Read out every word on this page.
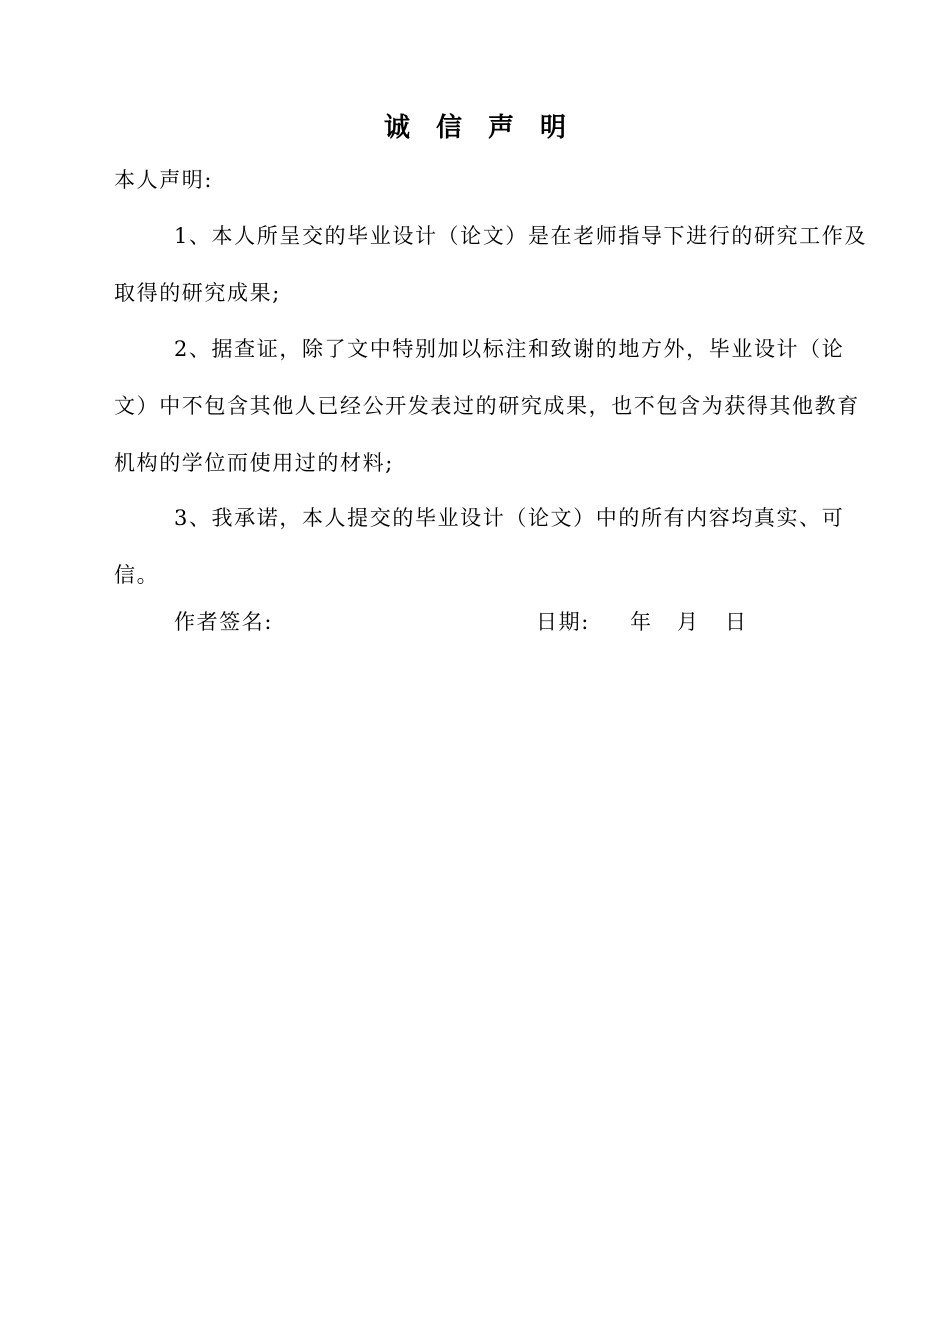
诚信声明
本人声明:

1、本人所呈交的毕业设计（论文）是在老师指导下进行的研究工作及取得的研究成果;

2、据查证，除了文中特别加以标注和致谢的地方外，毕业设计（论文）中不包含其他人已经公开发表过的研究成果，也不包含为获得其他教育机构的学位而使用过的材料;

3、我承诺，本人提交的毕业设计（论文）中的所有内容均真实、可信。

作者签名:	日期: 年 月 日
